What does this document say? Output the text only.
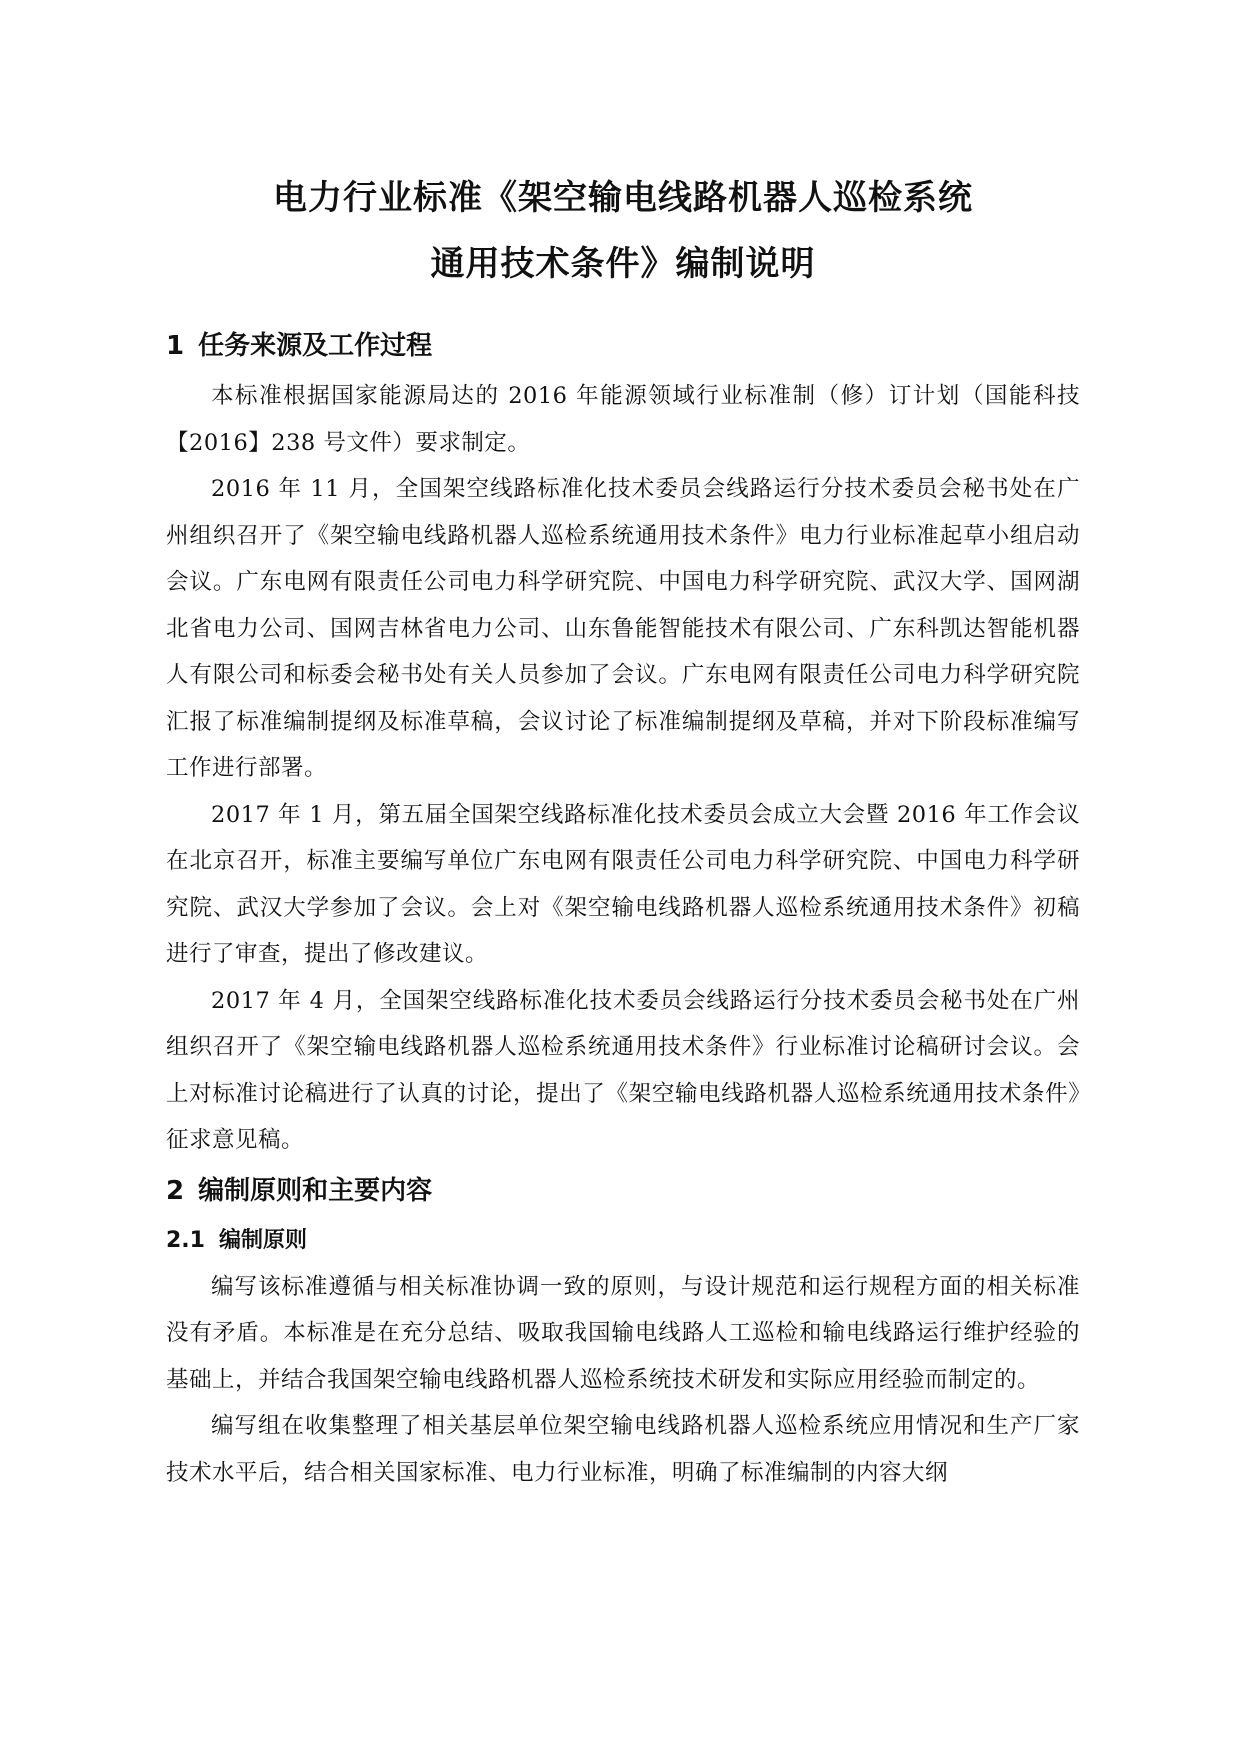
电力行业标准《架空输电线路机器人巡检系统
通用技术条件》编制说明
1 任务来源及工作过程

本标准根据国家能源局达的 2016 年能源领域行业标准制（修）订计划（国能科技【2016】238 号文件）要求制定。

2016 年 11 月，全国架空线路标准化技术委员会线路运行分技术委员会秘书处在广州组织召开了《架空输电线路机器人巡检系统通用技术条件》电力行业标准起草小组启动会议。广东电网有限责任公司电力科学研究院、中国电力科学研究院、武汉大学、国网湖北省电力公司、国网吉林省电力公司、山东鲁能智能技术有限公司、广东科凯达智能机器人有限公司和标委会秘书处有关人员参加了会议。广东电网有限责任公司电力科学研究院汇报了标准编制提纲及标准草稿，会议讨论了标准编制提纲及草稿，并对下阶段标准编写工作进行部署。

2017 年 1 月，第五届全国架空线路标准化技术委员会成立大会暨 2016 年工作会议在北京召开，标准主要编写单位广东电网有限责任公司电力科学研究院、中国电力科学研究院、武汉大学参加了会议。会上对《架空输电线路机器人巡检系统通用技术条件》初稿进行了审查，提出了修改建议。

2017 年 4 月，全国架空线路标准化技术委员会线路运行分技术委员会秘书处在广州组织召开了《架空输电线路机器人巡检系统通用技术条件》行业标准讨论稿研讨会议。会上对标准讨论稿进行了认真的讨论，提出了《架空输电线路机器人巡检系统通用技术条件》征求意见稿。

2 编制原则和主要内容
2.1 编制原则

编写该标准遵循与相关标准协调一致的原则，与设计规范和运行规程方面的相关标准没有矛盾。本标准是在充分总结、吸取我国输电线路人工巡检和输电线路运行维护经验的基础上，并结合我国架空输电线路机器人巡检系统技术研发和实际应用经验而制定的。

编写组在收集整理了相关基层单位架空输电线路机器人巡检系统应用情况和生产厂家技术水平后，结合相关国家标准、电力行业标准，明确了标准编制的内容大纲
